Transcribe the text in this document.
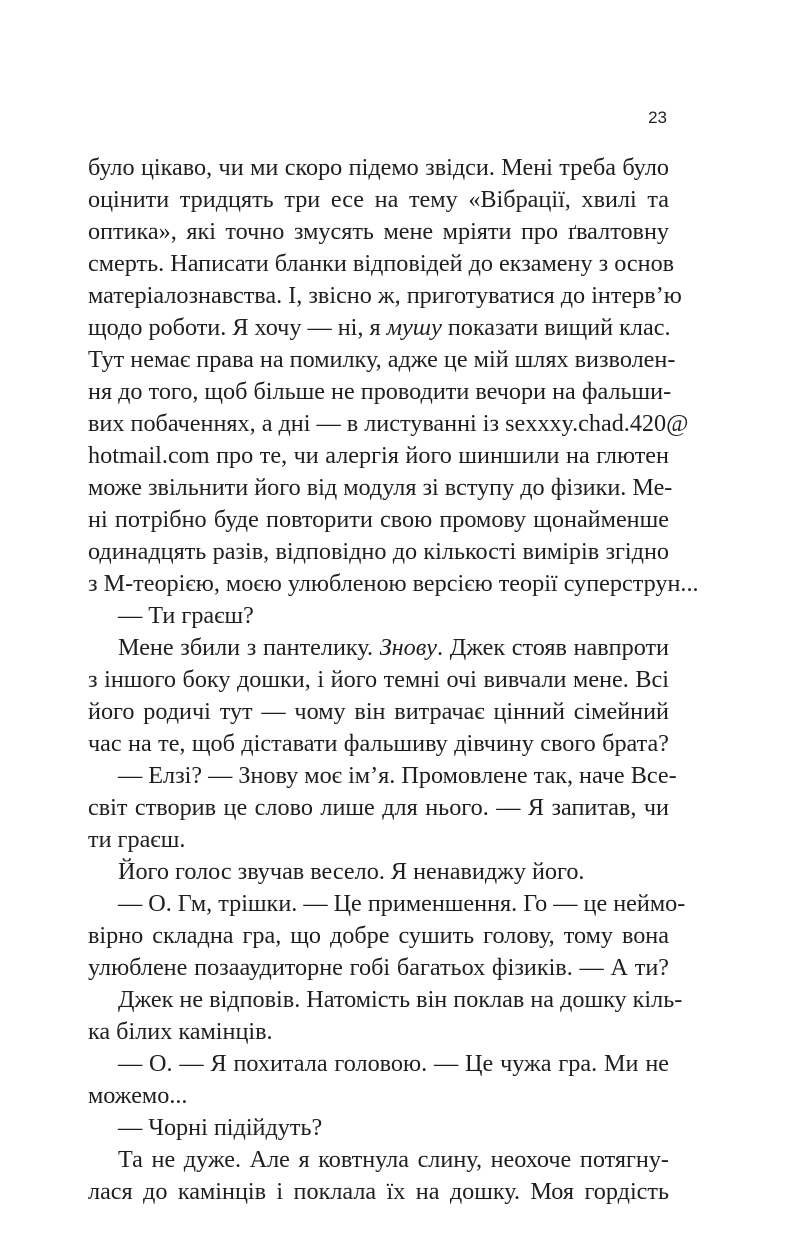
23
було цікаво, чи ми скоро підемо звідси. Мені треба було
оцінити тридцять три есе на тему «Вібрації, хвилі та
оптика», які точно змусять мене мріяти про ґвалтовну
смерть. Написати бланки відповідей до екзамену з основ
матеріалознавства. І, звісно ж, приготуватися до інтерв’ю
щодо роботи. Я хочу — ні, я мушу показати вищий клас.
Тут немає права на помилку, адже це мій шлях визволен-
ня до того, щоб більше не проводити вечори на фальши-
вих побаченнях, а дні — в листуванні із sexxxy.chad.420@
hotmail.com про те, чи алергія його шиншили на глютен
може звільнити його від модуля зі вступу до фізики. Ме-
ні потрібно буде повторити свою промову щонайменше
одинадцять разів, відповідно до кількості вимірів згідно
з М-теорією, моєю улюбленою версією теорії суперструн...
— Ти граєш?
Мене збили з пантелику. Знову. Джек стояв навпроти
з іншого боку дошки, і його темні очі вивчали мене. Всі
його родичі тут — чому він витрачає цінний сімейний
час на те, щоб діставати фальшиву дівчину свого брата?
— Елзі? — Знову моє ім’я. Промовлене так, наче Все-
світ створив це слово лише для нього. — Я запитав, чи
ти граєш.
Його голос звучав весело. Я ненавиджу його.
— О. Гм, трішки. — Це применшення. Го — це неймо-
вірно складна гра, що добре сушить голову, тому вона
улюблене позааудиторне гобі багатьох фізиків. — А ти?
Джек не відповів. Натомість він поклав на дошку кіль-
ка білих камінців.
— О. — Я похитала головою. — Це чужа гра. Ми не
можемо...
— Чорні підійдуть?
Та не дуже. Але я ковтнула слину, неохоче потягну-
лася до камінців і поклала їх на дошку. Моя гордість
